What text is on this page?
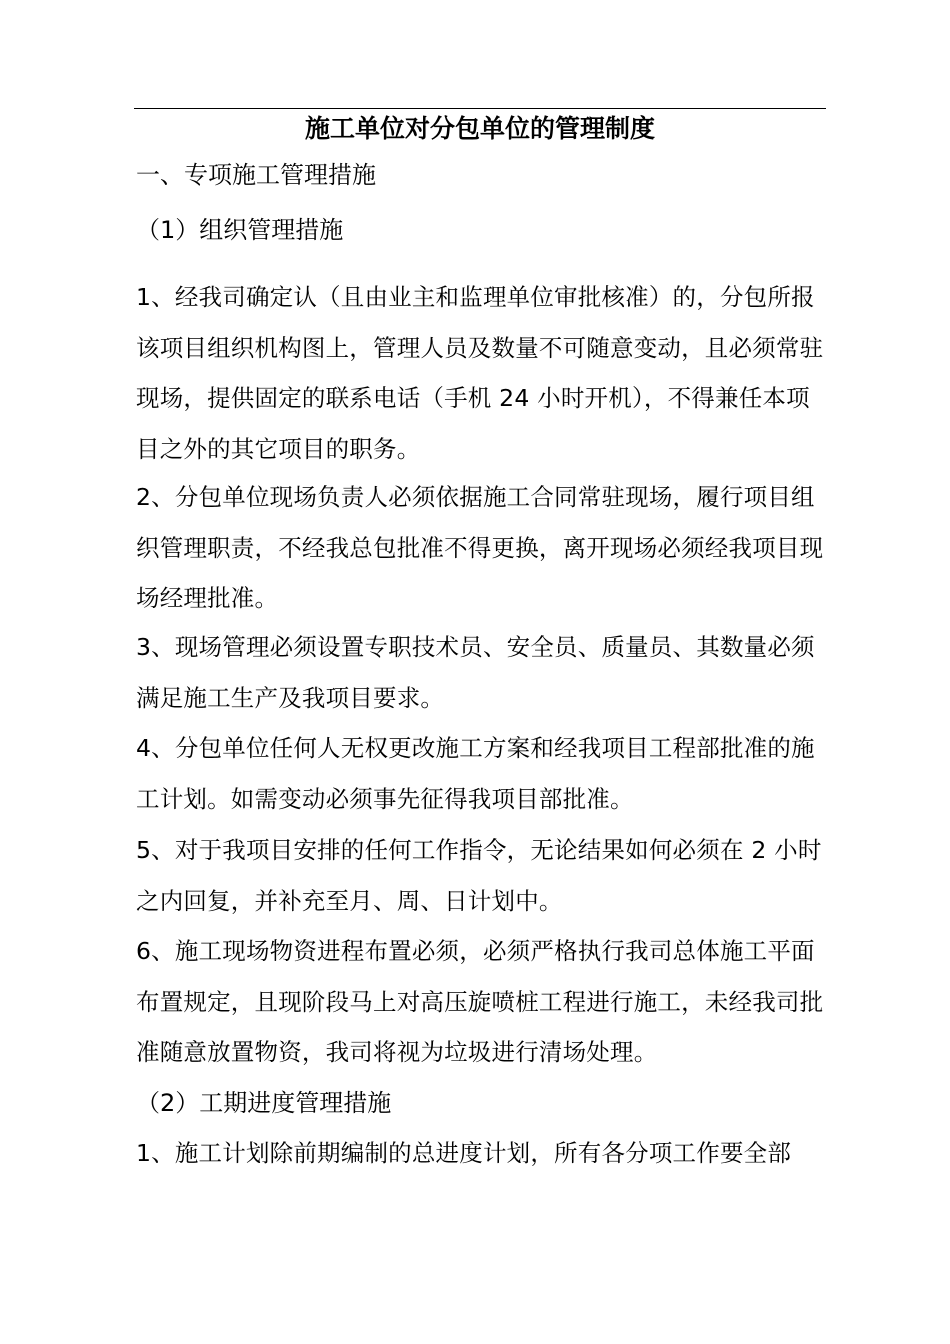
施工单位对分包单位的管理制度
一、专项施工管理措施
（1）组织管理措施

1、经我司确定认（且由业主和监理单位审批核准）的，分包所报该项目组织机构图上，管理人员及数量不可随意变动，且必须常驻现场，提供固定的联系电话（手机 24 小时开机），不得兼任本项目之外的其它项目的职务。

2、分包单位现场负责人必须依据施工合同常驻现场，履行项目组织管理职责，不经我总包批准不得更换，离开现场必须经我项目现场经理批准。

3、现场管理必须设置专职技术员、安全员、质量员、其数量必须满足施工生产及我项目要求。

4、分包单位任何人无权更改施工方案和经我项目工程部批准的施工计划。如需变动必须事先征得我项目部批准。

5、对于我项目安排的任何工作指令，无论结果如何必须在 2 小时之内回复，并补充至月、周、日计划中。

6、施工现场物资进程布置必须，必须严格执行我司总体施工平面布置规定，且现阶段马上对高压旋喷桩工程进行施工，未经我司批准随意放置物资，我司将视为垃圾进行清场处理。

（2）工期进度管理措施

1、施工计划除前期编制的总进度计划，所有各分项工作要全部
